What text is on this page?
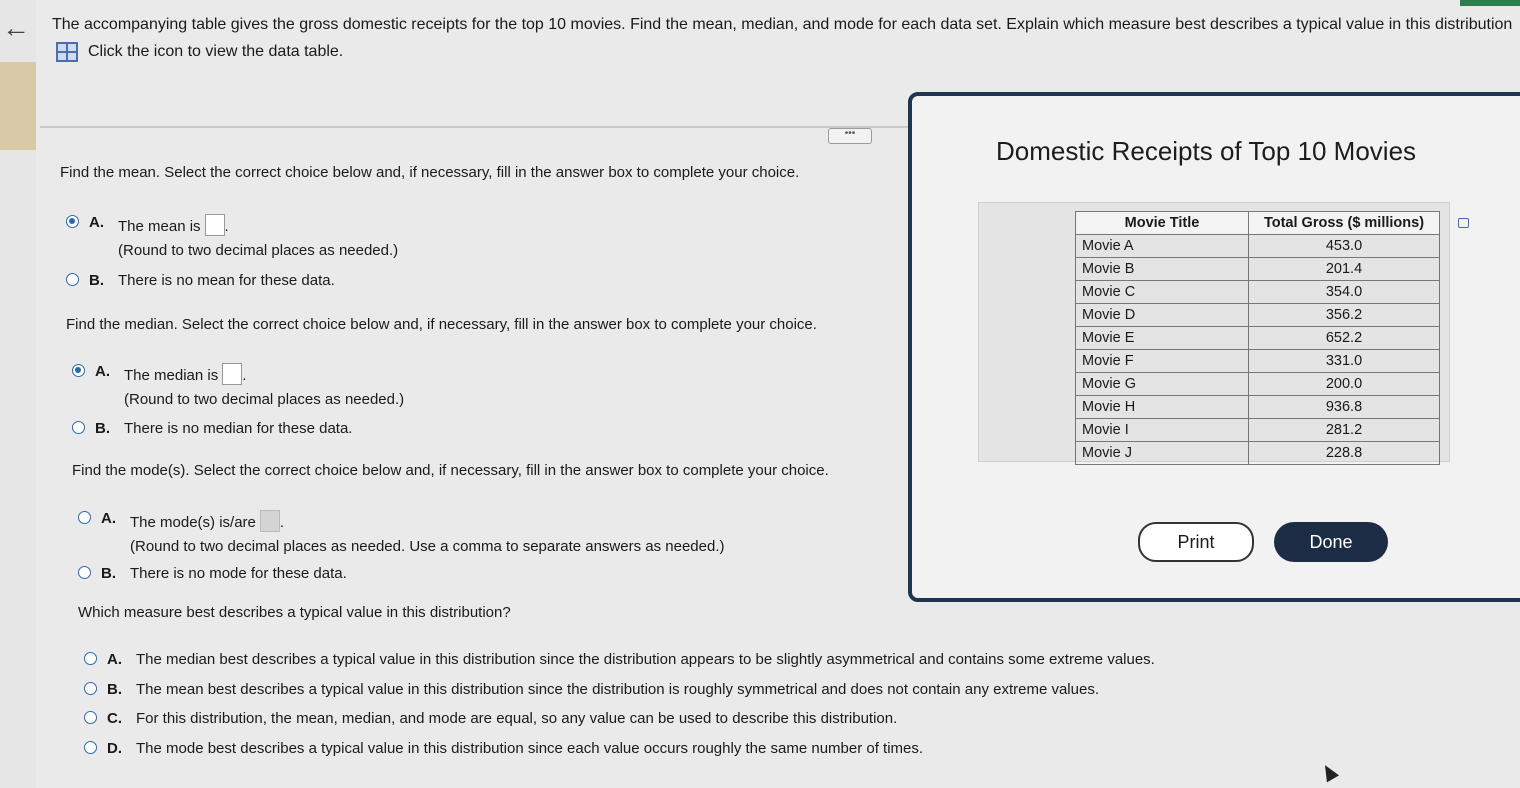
← The accompanying table gives the gross domestic receipts for the top 10 movies. Find the mean, median, and mode for each data set. Explain which measure best describes a typical value in this distribution
Click the icon to view the data table.
•••
Find the mean. Select the correct choice below and, if necessary, fill in the answer box to complete your choice.
A. The mean is .
(Round to two decimal places as needed.)
B. There is no mean for these data.
Find the median. Select the correct choice below and, if necessary, fill in the answer box to complete your choice.
A. The median is .
(Round to two decimal places as needed.)
B. There is no median for these data.
Find the mode(s). Select the correct choice below and, if necessary, fill in the answer box to complete your choice.
A. The mode(s) is/are .
(Round to two decimal places as needed. Use a comma to separate answers as needed.)
B. There is no mode for these data.
Which measure best describes a typical value in this distribution?
A. The median best describes a typical value in this distribution since the distribution appears to be slightly asymmetrical and contains some extreme values.
B. The mean best describes a typical value in this distribution since the distribution is roughly symmetrical and does not contain any extreme values.
C. For this distribution, the mean, median, and mode are equal, so any value can be used to describe this distribution.
D. The mode best describes a typical value in this distribution since each value occurs roughly the same number of times.
Domestic Receipts of Top 10 Movies
Movie Title	Total Gross ($ millions)
Movie A	453.0
Movie B	201.4
Movie C	354.0
Movie D	356.2
Movie E	652.2
Movie F	331.0
Movie G	200.0
Movie H	936.8
Movie I	281.2
Movie J	228.8
Print	Done
